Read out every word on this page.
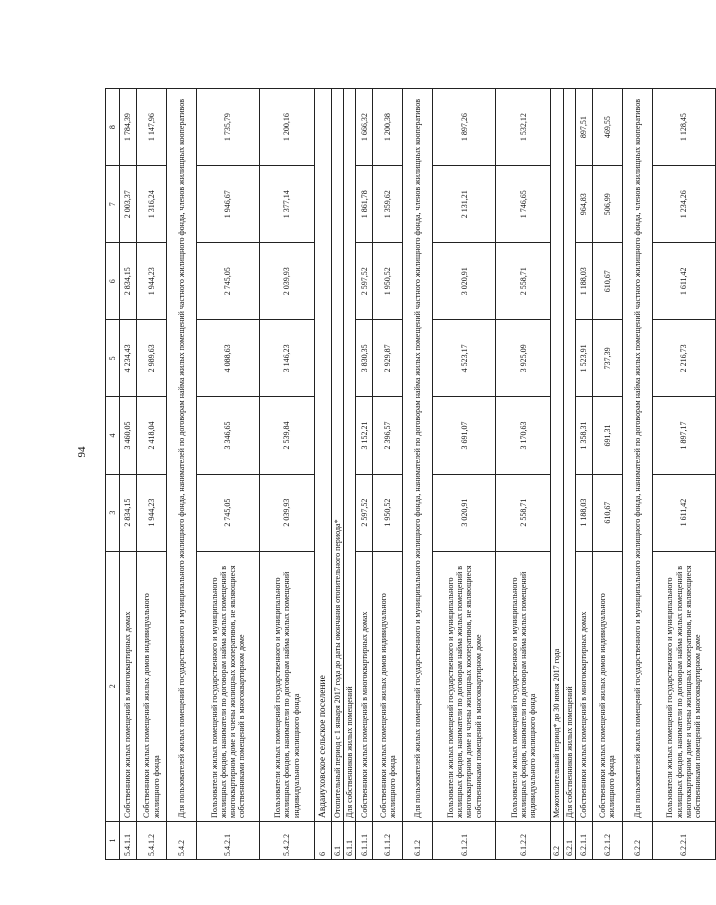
94
1	2	3	4	5	6	7	8
5.4.1.1	Собственники жилых помещений в многоквартирных домах	2 834,15	3 460,05	4 234,43	2 834,15	2 003,37	1 784,39
5.4.1.2	Собственники жилых помещений жилых домов индивидуального жилищного фонда	1 944,23	2 418,04	2 989,63	1 944,23	1 316,24	1 147,96
5.4.2	Для пользователей жилых помещений государственного и муниципального жилищного фонда, нанимателей по договорам найма жилых помещений частного жилищного фонда, членов жилищных кооперативов						
5.4.2.1	Пользователи жилых помещений государственного и муниципального жилищных фондов, наниматели по договорам найма жилых помещений в многоквартирном доме и члены жилищных кооперативов, не являющиеся собственниками помещений в многоквартирном доме	2 745,05	3 346,65	4 088,63	2 745,05	1 946,67	1 735,79
5.4.2.2	Пользователи жилых помещений государственного и муниципального жилищных фондов, наниматели по договорам найма жилых помещений индивидуального жилищного фонда	2 039,93	2 539,84	3 146,23	2 039,93	1 377,14	1 200,16
6	Авдаиуховское сельское поселение						
6.1	Отопительный период с 1 января 2017 года до даты окончания отопительного периода*						
6.1.1	Для собственников жилых помещений						
6.1.1.1	Собственники жилых помещений в многоквартирных домах	2 597,52	3 152,21	3 830,35	2 597,52	1 861,78	1 666,32
6.1.1.2	Собственники жилых помещений жилых домов индивидуального жилищного фонда	1 950,52	2 396,57	2 929,87	1 950,52	1 359,62	1 200,38
6.1.2	Для пользователей жилых помещений государственного и муниципального жилищного фонда, нанимателей по договорам найма жилых помещений частного жилищного фонда, членов жилищных кооперативов						
6.1.2.1	Пользователи жилых помещений государственного и муниципального жилищных фондов, наниматели по договорам найма жилых помещений в многоквартирном доме и члены жилищных кооперативов, не являющиеся собственниками помещений в многоквартирном доме	3 020,91	3 691,07	4 523,17	3 020,91	2 131,21	1 897,26
6.1.2.2	Пользователи жилых помещений государственного и муниципального жилищных фондов, наниматели по договорам найма жилых помещений индивидуального жилищного фонда	2 558,71	3 170,63	3 925,09	2 558,71	1 746,65	1 532,12
6.2	Межотопительный период* до 30 июня 2017 года						
6.2.1	Для собственников жилых помещений						
6.2.1.1	Собственники жилых помещений в многоквартирных домах	1 188,03	1 358,31	1 523,91	1 188,03	964,83	897,51
6.2.1.2	Собственники жилых помещений жилых домов индивидуального жилищного фонда	610,67	691,31	737,39	610,67	506,99	469,55
6.2.2	Для пользователей жилых помещений государственного и муниципального жилищного фонда, нанимателей по договорам найма жилых помещений частного жилищного фонда, членов жилищных кооперативов						
6.2.2.1	Пользователи жилых помещений государственного и муниципального жилищных фондов, наниматели по договорам найма жилых помещений в многоквартирном доме и члены жилищных кооперативов, не являющиеся собственниками помещений в многоквартирном доме	1 611,42	1 897,17	2 216,73	1 611,42	1 234,26	1 128,45
